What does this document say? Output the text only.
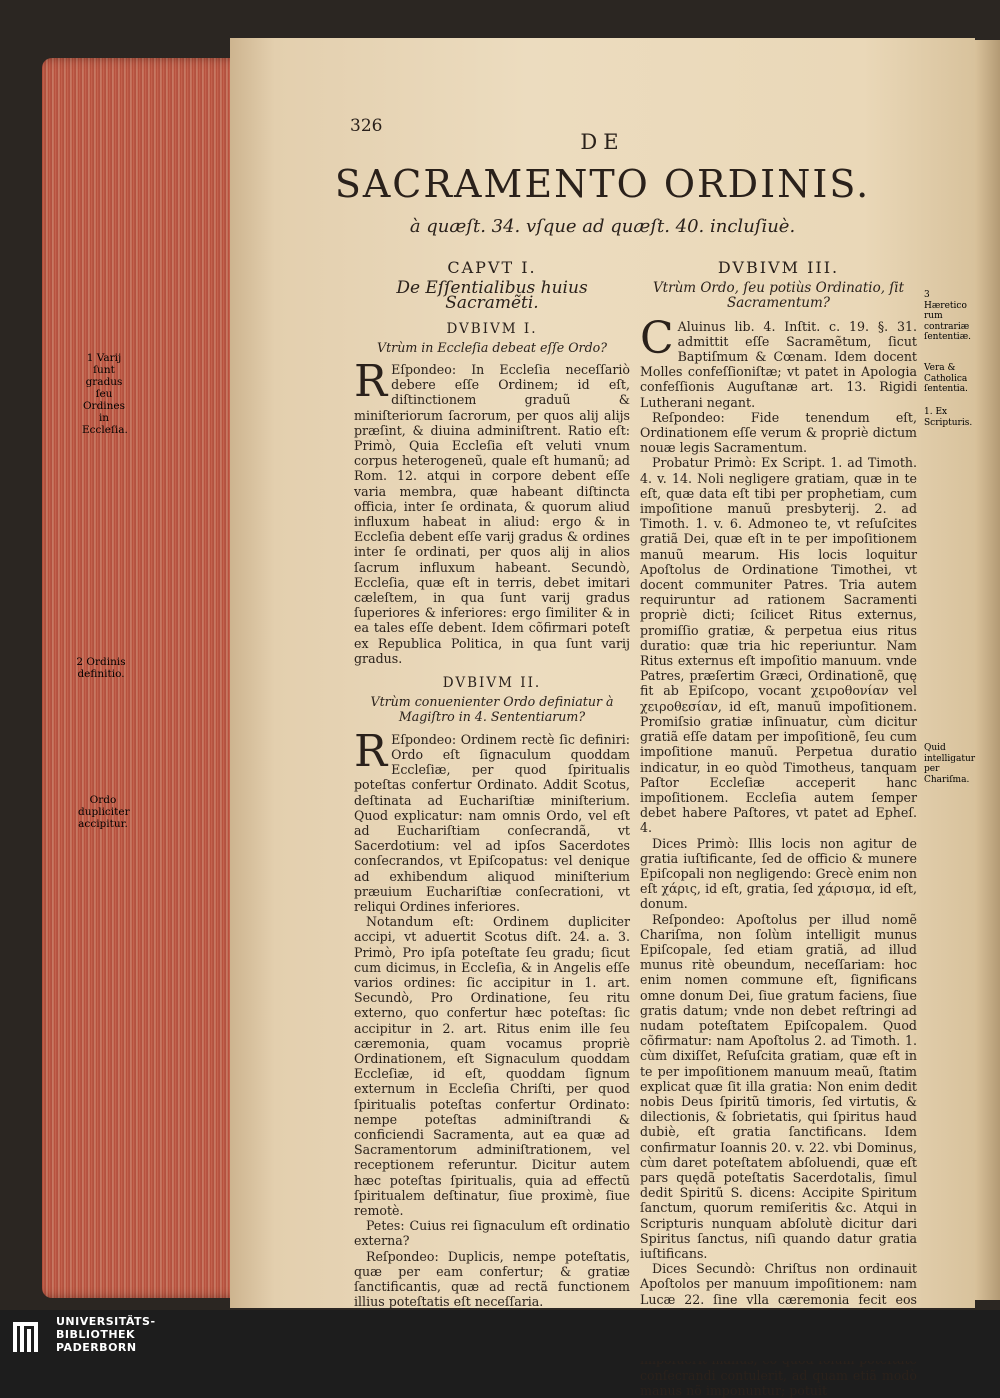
326
DE
SACRAMENTO ORDINIS.
à quæſt. 34. vſque ad quæſt. 40. incluſiuè.

CAPVT I.

De Eſſentialibus huius Sacramẽti.

DVBIVM I.

Vtrùm in Eccleſia debeat eſſe Ordo?

R Eſpondeo: In Eccleſia neceſſariò debere eſſe Ordinem; id eſt, diſtinctionem graduũ & miniſteriorum ſacrorum, per quos alij alijs præſint, & diuina adminiſtrent. Ratio eſt: Primò, Quia Eccleſia eſt veluti vnum corpus heterogeneũ, quale eſt humanũ; ad Rom. 12. atqui in corpore debent eſſe varia membra, quæ habeant diſtincta officia, inter ſe ordinata, & quorum aliud influxum habeat in aliud: ergo & in Eccleſia debent eſſe varij gradus & ordines inter ſe ordinati, per quos alij in alios ſacrum influxum habeant. Secundò, Eccleſia, quæ eſt in terris, debet imitari cæleſtem, in qua ſunt varij gradus ſuperiores & inferiores: ergo ſimiliter & in ea tales eſſe debent. Idem cõfirmari poteſt ex Republica Politica, in qua ſunt varij gradus.

DVBIVM II.

Vtrùm conuenienter Ordo definiatur à Magiſtro in 4. Sententiarum?

R Eſpondeo: Ordinem rectè ſic definiri: Ordo eſt ſignaculum quoddam Eccleſiæ, per quod ſpiritualis poteſtas confertur Ordinato. Addit Scotus, deſtinata ad Euchariſtiæ miniſterium. Quod explicatur: nam omnis Ordo, vel eſt ad Euchariſtiam conſecrandã, vt Sacerdotium: vel ad ipſos Sacerdotes conſecrandos, vt Epiſcopatus: vel denique ad exhibendum aliquod miniſterium præuium Euchariſtiæ conſecrationi, vt reliqui Ordines inferiores.

Notandum eſt: Ordinem dupliciter accipi, vt aduertit Scotus diſt. 24. a. 3. Primò, Pro ipſa poteſtate ſeu gradu; ſicut cum dicimus, in Eccleſia, & in Angelis eſſe varios ordines: ſic accipitur in 1. art. Secundò, Pro Ordinatione, ſeu ritu externo, quo confertur hæc poteſtas: ſic accipitur in 2. art. Ritus enim ille ſeu cæremonia, quam vocamus propriè Ordinationem, eſt Signaculum quoddam Eccleſiæ, id eſt, quoddam ſignum externum in Eccleſia Chriſti, per quod ſpiritualis poteſtas confertur Ordinato: nempe poteſtas adminiſtrandi & conficiendi Sacramenta, aut ea quæ ad Sacramentorum adminiſtrationem, vel receptionem referuntur. Dicitur autem hæc poteſtas ſpiritualis, quia ad effectũ ſpiritualem deſtinatur, ſiue proximè, ſiue remotè.

Petes: Cuius rei ſignaculum eſt ordinatio externa?

Reſpondeo: Duplicis, nempe poteſtatis, quæ per eam confertur; & gratiæ ſanctificantis, quæ ad rectã functionem illius poteſtatis eſt neceſſaria.

DVBIVM III.

Vtrùm Ordo, ſeu potiùs Ordinatio, ſit Sacramentum?

C Aluinus lib. 4. Inſtit. c. 19. §. 31. admittit eſſe Sacramẽtum, ſicut Baptiſmum & Cœnam. Idem docent Molles confeſſioniſtæ; vt patet in Apologia confeſſionis Auguſtanæ art. 13. Rigidi Lutherani negant.

Reſpondeo: Fide tenendum eſt, Ordinationem eſſe verum & propriè dictum nouæ legis Sacramentum.

Probatur Primò: Ex Script. 1. ad Timoth. 4. v. 14. Noli negligere gratiam, quæ in te eſt, quæ data eſt tibi per prophetiam, cum impoſitione manuũ presbyterij. 2. ad Timoth. 1. v. 6. Admoneo te, vt reſuſcites gratiã Dei, quæ eſt in te per impoſitionem manuũ mearum. His locis loquitur Apoſtolus de Ordinatione Timothei, vt docent communiter Patres. Tria autem requiruntur ad rationem Sacramenti propriè dicti; ſcilicet Ritus externus, promiſſio gratiæ, & perpetua eius ritus duratio: quæ tria hic reperiuntur. Nam Ritus externus eſt impoſitio manuum. vnde Patres, præſertim Græci, Ordinationẽ, quę fit ab Epiſcopo, vocant χειροθονίαν vel χειροθεσίαν, id eſt, manuũ impoſitionem. Promiſsio gratiæ inſinuatur, cùm dicitur gratiã eſſe datam per impoſitionẽ, ſeu cum impoſitione manuũ. Perpetua duratio indicatur, in eo quòd Timotheus, tanquam Paſtor Eccleſiæ acceperit hanc impoſitionem. Eccleſia autem ſemper debet habere Paſtores, vt patet ad Epheſ. 4.

Dices Primò: Illis locis non agitur de gratia iuſtificante, ſed de officio & munere Epiſcopali non negligendo: Grecè enim non eſt χάρις, id eſt, gratia, ſed χάρισμα, id eſt, donum.

Reſpondeo: Apoſtolus per illud nomẽ Chariſma, non ſolùm intelligit munus Epiſcopale, ſed etiam gratiã, ad illud munus ritè obeundum, neceſſariam: hoc enim nomen commune eſt, ſignificans omne donum Dei, ſiue gratum faciens, ſiue gratis datum; vnde non debet reſtringi ad nudam poteſtatem Epiſcopalem. Quod cõfirmatur: nam Apoſtolus 2. ad Timoth. 1. cùm dixiſſet, Reſuſcita gratiam, quæ eſt in te per impoſitionem manuum meaũ, ſtatim explicat quæ ſit illa gratia: Non enim dedit nobis Deus ſpiritũ timoris, ſed virtutis, & dilectionis, & ſobrietatis, qui ſpiritus haud dubiè, eſt gratia ſanctificans. Idem confirmatur Ioannis 20. v. 22. vbi Dominus, cùm daret poteſtatem abſoluendi, quæ eſt pars quędã poteſtatis Sacerdotalis, ſimul dedit Spiritũ S. dicens: Accipite Spiritum ſanctum, quorum remiſeritis &c. Atqui in Scripturis nunquam abſolutè dicitur dari Spiritus ſanctus, niſi quando datur gratia iuſtificans.

Dices Secundò: Chriſtus non ordinauit Apoſtolos per manuum impoſitionem: nam Lucæ 22. ſine vlla cæremonia fecit eos

conſecrandi contulerit, ad quam etiã modò manus nõ imponuntur; potuit

1 Varij ſunt gradus ſeu Ordines in Eccleſia.
2 Ordinis definitio.
Ordo dupliciter accipitur.
3 Hæretico rum contrariæ ſententiæ.
Vera & Catholica ſententia.
1. Ex Scripturis.
Quid intelligatur per Chariſma.
UNIVERSITÄTS-
BIBLIOTHEK
PADERBORN
